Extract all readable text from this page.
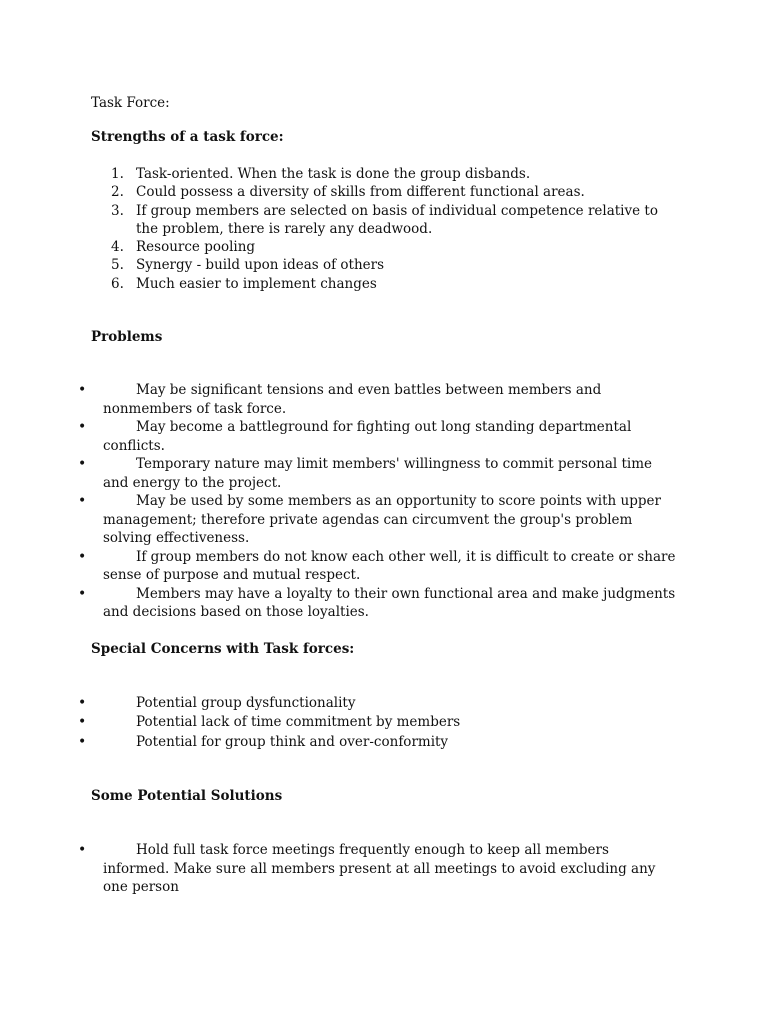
Task Force:
Strengths of a task force:
1. Task-oriented. When the task is done the group disbands.
2. Could possess a diversity of skills from different functional areas.
3. If group members are selected on basis of individual competence relative to the problem, there is rarely any deadwood.
4. Resource pooling
5. Synergy - build upon ideas of others
6. Much easier to implement changes
Problems
•	May be significant tensions and even battles between members and nonmembers of task force.
•	May become a battleground for fighting out long standing departmental conflicts.
•	Temporary nature may limit members' willingness to commit personal time and energy to the project.
•	May be used by some members as an opportunity to score points with upper management; therefore private agendas can circumvent the group's problem solving effectiveness.
•	If group members do not know each other well, it is difficult to create or share sense of purpose and mutual respect.
•	Members may have a loyalty to their own functional area and make judgments and decisions based on those loyalties.
Special Concerns with Task forces:
•	Potential group dysfunctionality
•	Potential lack of time commitment by members
•	Potential for group think and over-conformity
Some Potential Solutions
•	Hold full task force meetings frequently enough to keep all members informed. Make sure all members present at all meetings to avoid excluding any one person
